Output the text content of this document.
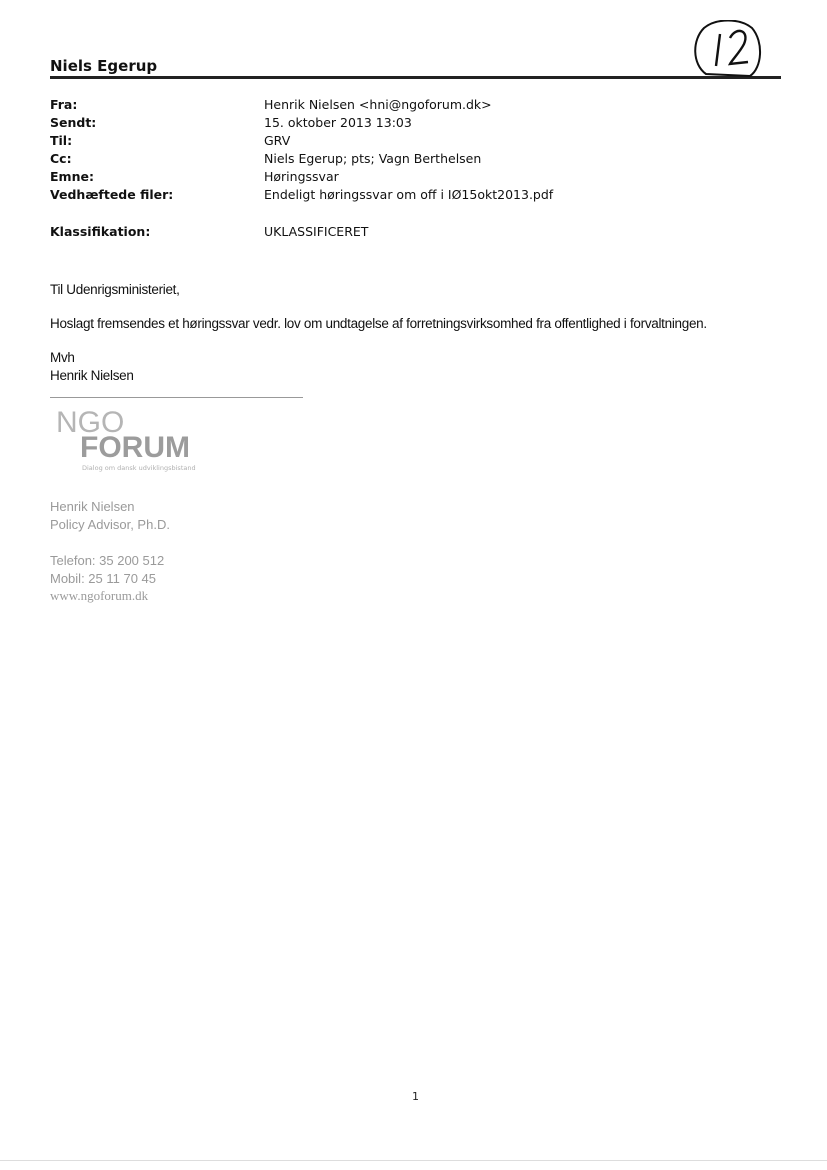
Niels Egerup
Fra:	Henrik Nielsen <hni@ngoforum.dk>
Sendt:	15. oktober 2013 13:03
Til:	GRV
Cc:	Niels Egerup; pts; Vagn Berthelsen
Emne:	Høringssvar
Vedhæftede filer:	Endeligt høringssvar om off i IØ15okt2013.pdf
Klassifikation:	UKLASSIFICERET
Til Udenrigsministeriet,
Hoslagt fremsendes et høringssvar vedr. lov om undtagelse af forretningsvirksomhed fra offentlighed i forvaltningen.
Mvh
Henrik Nielsen
NGO
FORUM
Dialog om dansk udviklingsbistand
Henrik Nielsen
Policy Advisor, Ph.D.
Telefon: 35 200 512
Mobil: 25 11 70 45
www.ngoforum.dk
1
